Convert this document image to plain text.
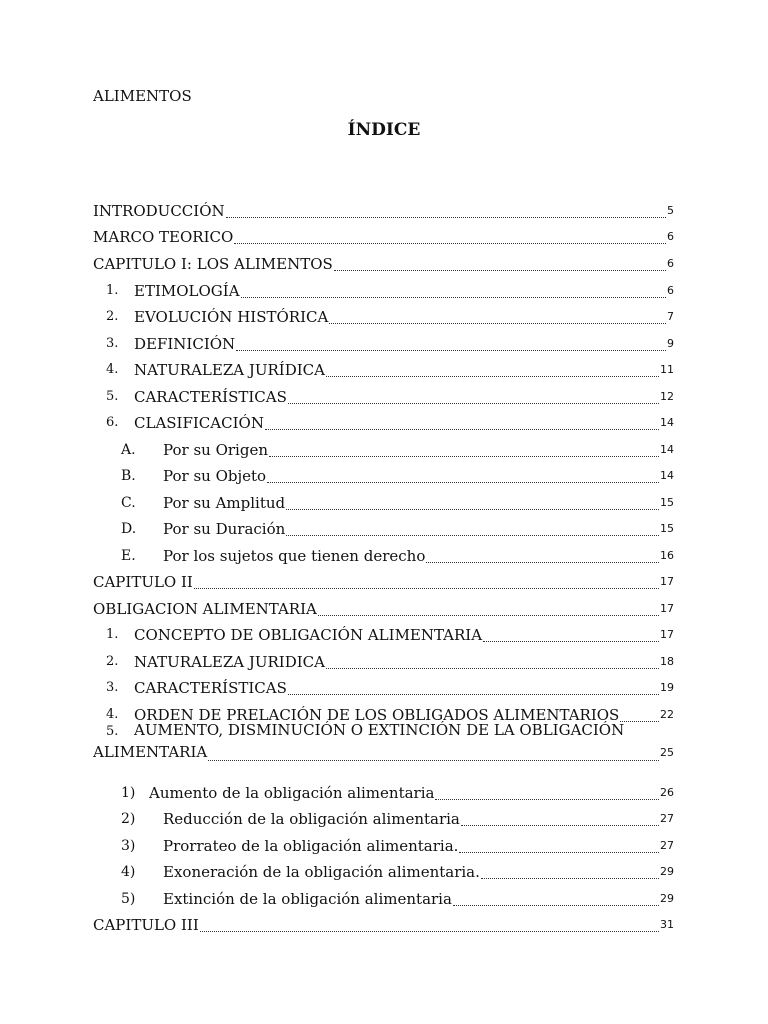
ALIMENTOS
ÍNDICE
INTRODUCCIÓN	5
MARCO TEORICO	6
CAPITULO I: LOS ALIMENTOS	6
1.	ETIMOLOGÍA	6
2.	EVOLUCIÓN HISTÓRICA	7
3.	DEFINICIÓN	9
4.	NATURALEZA JURÍDICA	11
5.	CARACTERÍSTICAS	12
6.	CLASIFICACIÓN	14
A.	Por su Origen	14
B.	Por su Objeto	14
C.	Por su Amplitud	15
D.	Por su Duración	15
E.	Por los sujetos que tienen derecho	16
CAPITULO II	17
OBLIGACION ALIMENTARIA	17
1.	CONCEPTO DE OBLIGACIÓN ALIMENTARIA	17
2.	NATURALEZA JURIDICA	18
3.	CARACTERÍSTICAS	19
4.	ORDEN DE PRELACIÓN DE LOS OBLIGADOS ALIMENTARIOS	22
5. AUMENTO, DISMINUCIÓN O EXTINCIÓN DE LA OBLIGACIÓN
ALIMENTARIA	25
1) Aumento de la obligación alimentaria	26
2)	Reducción de la obligación alimentaria	27
3)	Prorrateo de la obligación alimentaria.	27
4)	Exoneración de la obligación alimentaria.	29
5)	Extinción de la obligación alimentaria	29
CAPITULO III	31
